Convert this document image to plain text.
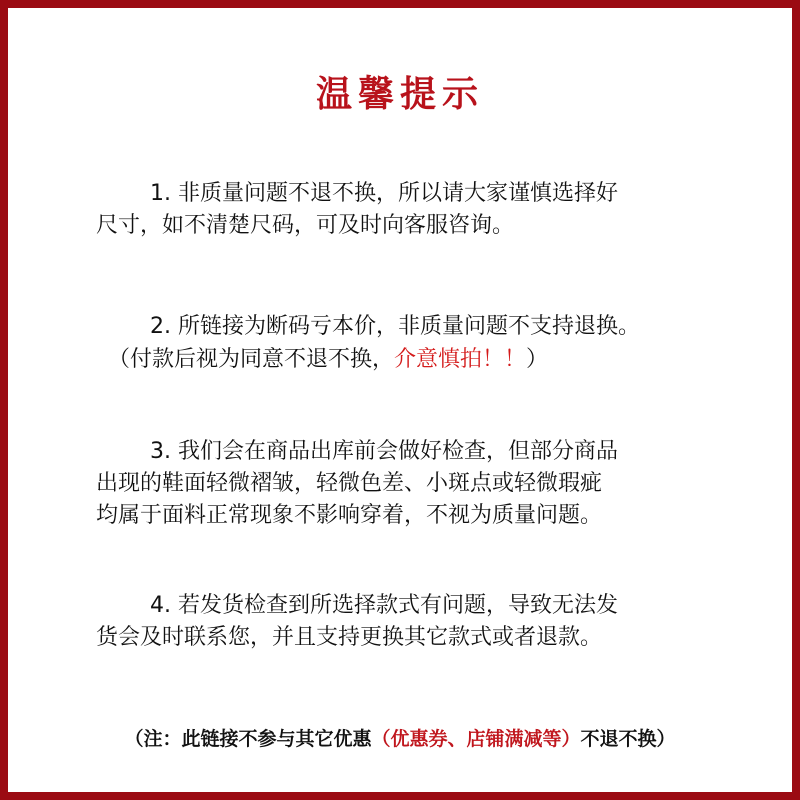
温馨提示
1. 非质量问题不退不换，所以请大家谨慎选择好
尺寸，如不清楚尺码，可及时向客服咨询。
2. 所链接为断码亏本价，非质量问题不支持退换。
（付款后视为同意不退不换，介意慎拍！！）
3. 我们会在商品出库前会做好检查，但部分商品
出现的鞋面轻微褶皱，轻微色差、小斑点或轻微瑕疵
均属于面料正常现象不影响穿着，不视为质量问题。
4. 若发货检查到所选择款式有问题，导致无法发
货会及时联系您，并且支持更换其它款式或者退款。
（注：此链接不参与其它优惠（优惠券、店铺满减等）不退不换）
